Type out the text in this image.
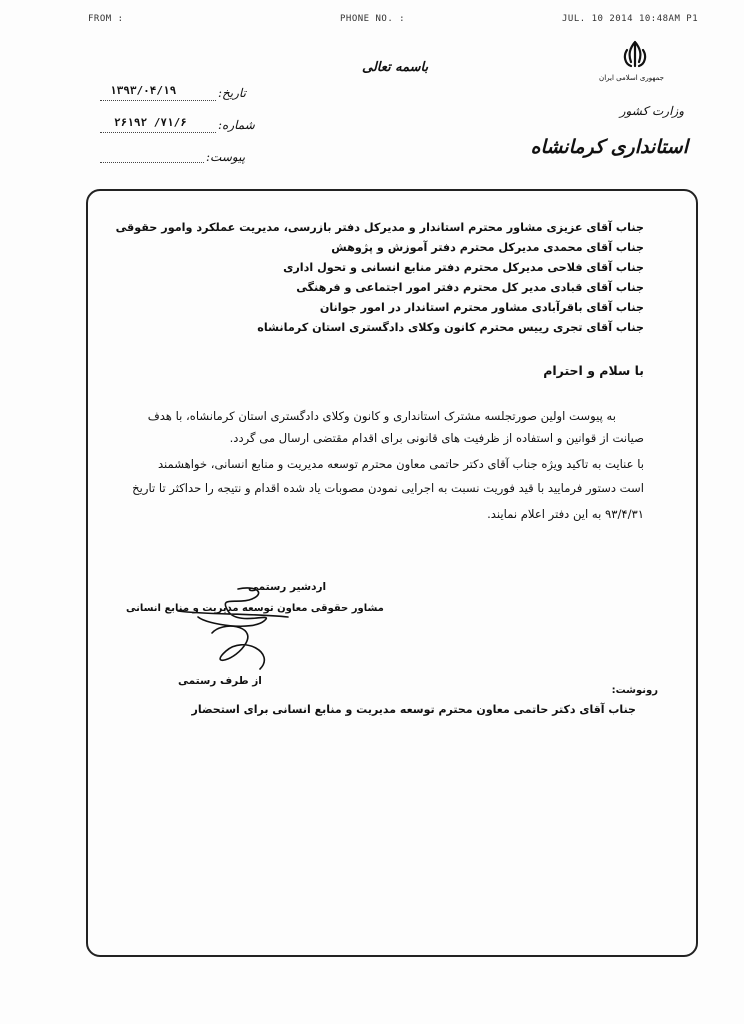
FROM :	PHONE NO. :	JUL. 10 2014 10:48AM P1
جمهوری اسلامی ایران
وزارت کشور
استانداری کرمانشاه
باسمه تعالی
تاریخ:
۱۳۹۳/۰۴/۱۹
شماره:
۷۱/۶/ ۲۶۱۹۲
پیوست:
جناب آقای عزیزی مشاور محترم استاندار و مدیرکل دفتر بازرسی، مدیریت عملکرد وامور حقوقی
جناب آقای محمدی مدیرکل محترم دفتر آموزش و پژوهش
جناب آقای فلاحی مدیرکل محترم دفتر منابع انسانی و تحول اداری
جناب آقای قبادی مدیر کل محترم دفتر امور اجتماعی و فرهنگی
جناب آقای باقرآبادی مشاور محترم استاندار در امور جوانان
جناب آقای تجری رییس محترم کانون وکلای دادگستری استان کرمانشاه
با سلام و احترام
به پیوست اولین صورتجلسه مشترک استانداری و کانون وکلای دادگستری استان کرمانشاه، با هدف
صیانت از قوانین و استفاده از ظرفیت های قانونی برای اقدام مقتضی ارسال می گردد.
با عنایت به تاکید ویژه جناب آقای دکتر حاتمی معاون محترم توسعه مدیریت و منابع انسانی، خواهشمند
است دستور فرمایید با قید فوریت نسبت به اجرایی نمودن مصوبات یاد شده اقدام و نتیجه را حداکثر تا تاریخ
۹۳/۴/۳۱ به این دفتر اعلام نمایند.
اردشیر رستمی
مشاور حقوقی معاون توسعه مدیریت و منابع انسانی
از طرف رستمی
رونوشت:
جناب آقای دکتر حاتمی معاون محترم توسعه مدیریت و منابع انسانی برای استحضار
